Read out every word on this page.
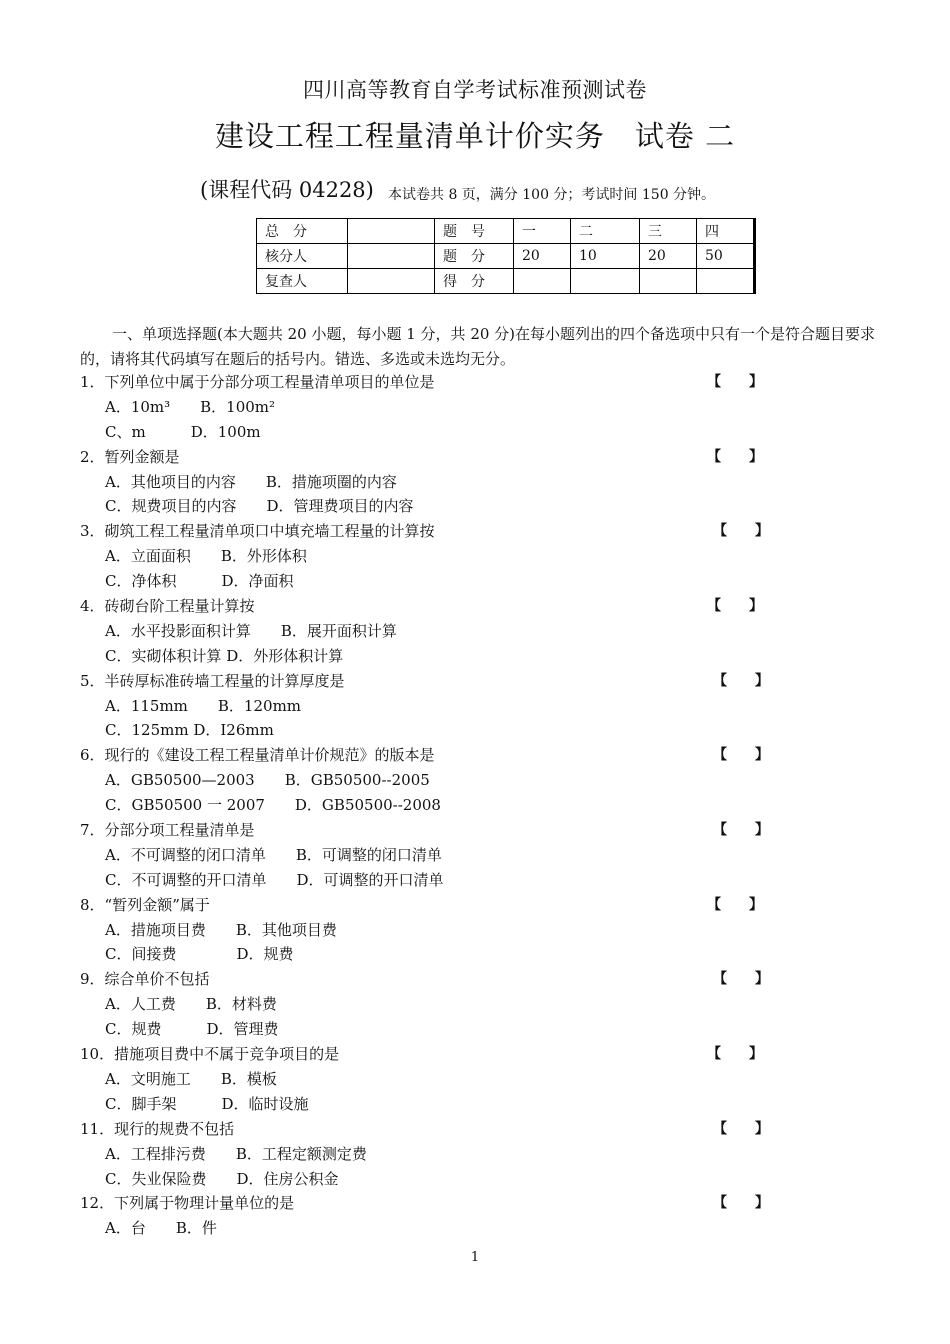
四川高等教育自学考试标准预测试卷
建设工程工程量清单计价实务　试卷 二
(课程代码 04228) 本试卷共 8 页，满分 100 分；考试时间 150 分钟。
总　分		题　号	一	二	三	四
核分人		题　分	20	10	20	50
复查人		得　分				
一、单项选择题(本大题共 20 小题，每小题 1 分，共 20 分)在每小题列出的四个备选项中只有一个是符合题目要求的，请将其代码填写在题后的括号内。错选、多选或未选均无分。
1．下列单位中属于分部分项工程量清单项目的单位是	【　　】
A．10m³　　B．100m²
C、m　　　D．100m
2．暂列金额是	【　　】
A．其他项目的内容　　B．措施项圈的内容
C．规费项目的内容　　D．管理费项目的内容
3．砌筑工程工程量清单项口中填充墙工程量的计算按	【　　】
A．立面面积　　B．外形体积
C．净体积　　　D．净面积
4．砖砌台阶工程量计算按	【　　】
A．水平投影面积计算　　B．展开面积计算
C．实砌体积计算 D．外形体积计算
5．半砖厚标准砖墙工程量的计算厚度是	【　　】
A．115mm　　B．120mm
C．125mm D．I26mm
6．现行的《建设工程工程量清单计价规范》的版本是	【　　】
A．GB50500—2003　　B．GB50500--2005
C．GB50500 一 2007　　D．GB50500--2008
7．分部分项工程量清单是	【　　】
A．不可调整的闭口清单　　B．可调整的闭口清单
C．不可调整的开口清单　　D．可调整的开口清单
8．“暂列金额”属于	【　　】
A．措施项目费　　B．其他项目费
C．间接费　　　　D．规费
9．综合单价不包括	【　　】
A．人工费　　B．材料费
C．规费　　　D．管理费
10．措施项目费中不属于竞争项目的是	【　　】
A．文明施工　　B．模板
C．脚手架　　　D．临时设施
11．现行的规费不包括	【　　】
A．工程排污费　　B．工程定额测定费
C．失业保险费　　D．住房公积金
12．下列属于物理计量单位的是	【　　】
A．台　　B．件
1
